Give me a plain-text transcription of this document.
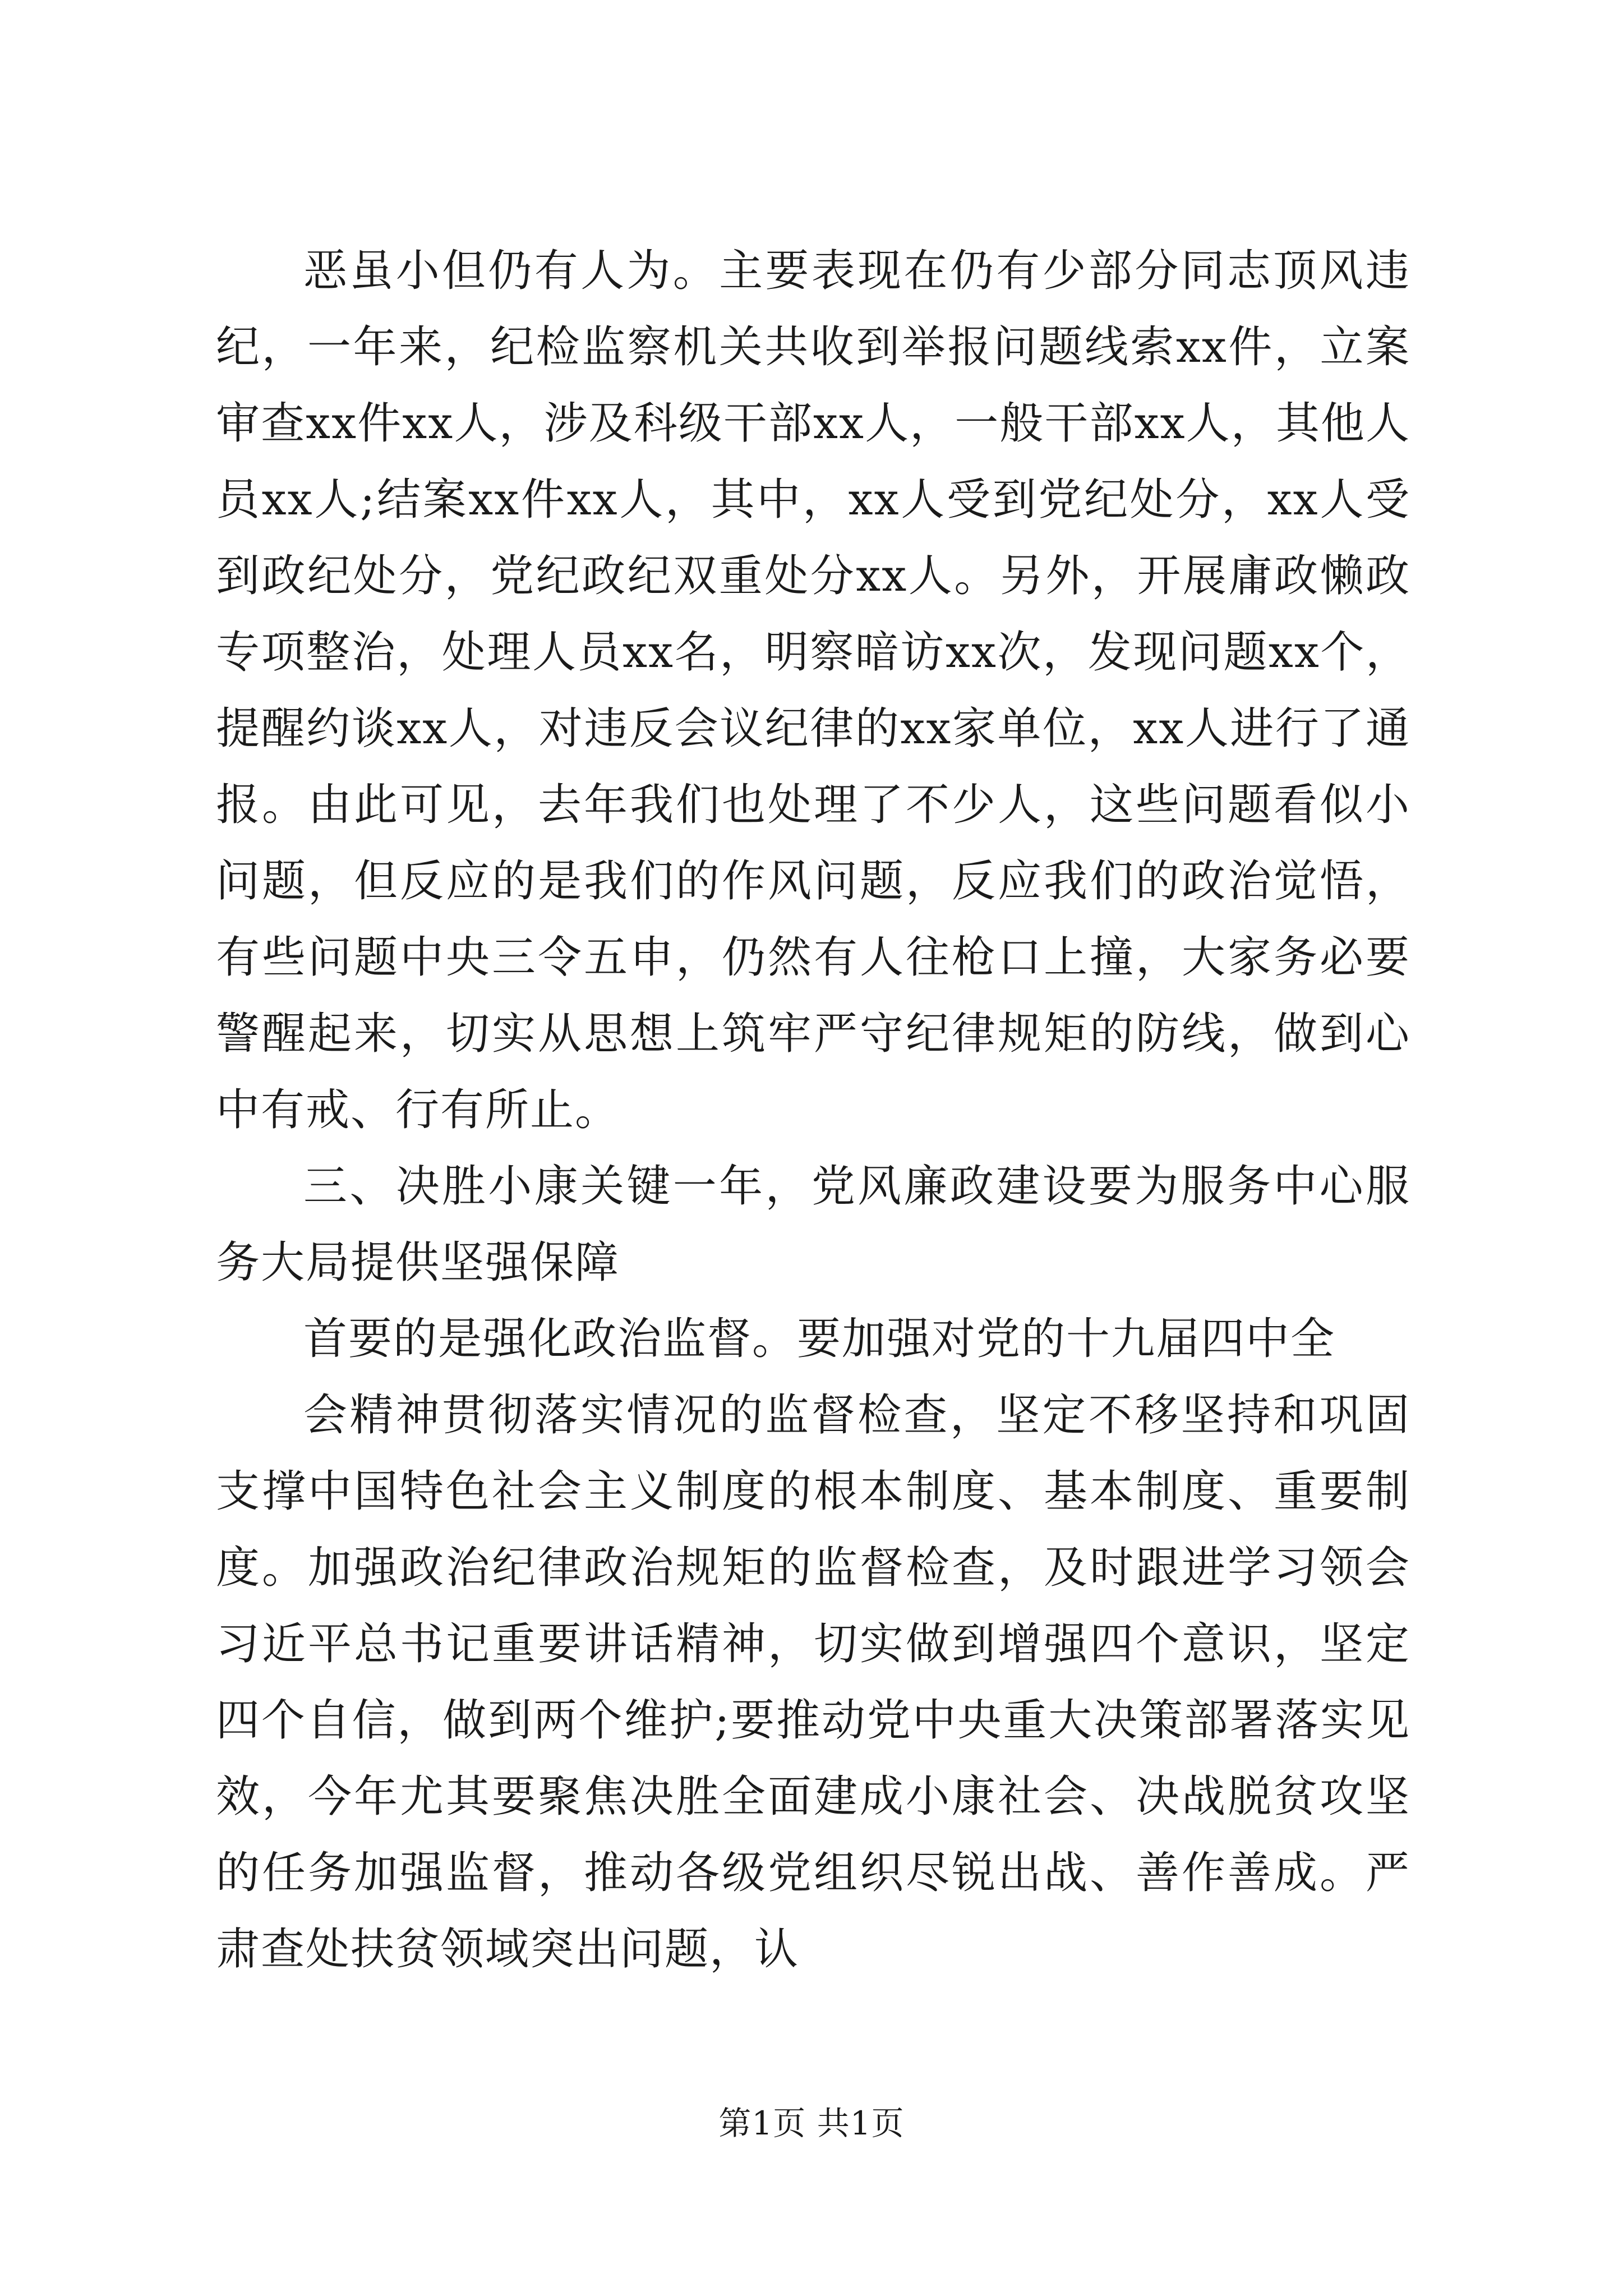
恶虽小但仍有人为。主要表现在仍有少部分同志顶风违纪，一年来，纪检监察机关共收到举报问题线索xx件，立案审查xx件xx人，涉及科级干部xx人，一般干部xx人，其他人员xx人;结案xx件xx人，其中，xx人受到党纪处分，xx人受到政纪处分，党纪政纪双重处分xx人。另外，开展庸政懒政专项整治，处理人员xx名，明察暗访xx次，发现问题xx个，提醒约谈xx人，对违反会议纪律的xx家单位，xx人进行了通报。由此可见，去年我们也处理了不少人，这些问题看似小问题，但反应的是我们的作风问题，反应我们的政治觉悟，有些问题中央三令五申，仍然有人往枪口上撞，大家务必要警醒起来，切实从思想上筑牢严守纪律规矩的防线，做到心中有戒、行有所止。

三、决胜小康关键一年，党风廉政建设要为服务中心服务大局提供坚强保障

首要的是强化政治监督。要加强对党的十九届四中全

会精神贯彻落实情况的监督检查，坚定不移坚持和巩固支撑中国特色社会主义制度的根本制度、基本制度、重要制度。加强政治纪律政治规矩的监督检查，及时跟进学习领会习近平总书记重要讲话精神，切实做到增强四个意识，坚定四个自信，做到两个维护;要推动党中央重大决策部署落实见效，今年尤其要聚焦决胜全面建成小康社会、决战脱贫攻坚的任务加强监督，推动各级党组织尽锐出战、善作善成。严肃查处扶贫领域突出问题，认

第1页 共1页
